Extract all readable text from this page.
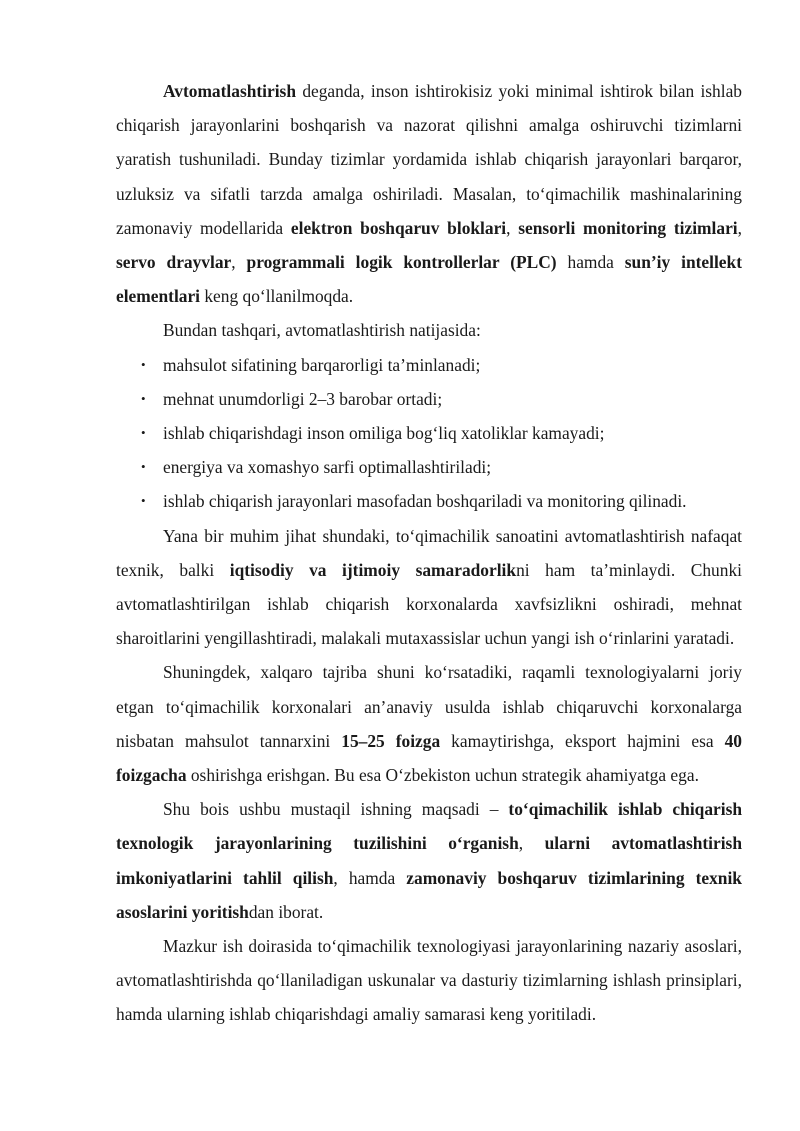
Avtomatlashtirish deganda, inson ishtirokisiz yoki minimal ishtirok bilan ishlab chiqarish jarayonlarini boshqarish va nazorat qilishni amalga oshiruvchi tizimlarni yaratish tushuniladi. Bunday tizimlar yordamida ishlab chiqarish jarayonlari barqaror, uzluksiz va sifatli tarzda amalga oshiriladi. Masalan, to‘qimachilik mashinalarining zamonaviy modellarida elektron boshqaruv bloklari, sensorli monitoring tizimlari, servo drayvlar, programmali logik kontrollerlar (PLC) hamda sun’iy intellekt elementlari keng qo‘llanilmoqda.

Bundan tashqari, avtomatlashtirish natijasida:

• mahsulot sifatining barqarorligi ta’minlanadi;
• mehnat unumdorligi 2–3 barobar ortadi;
• ishlab chiqarishdagi inson omiliga bog‘liq xatoliklar kamayadi;
• energiya va xomashyo sarfi optimallashtiriladi;
• ishlab chiqarish jarayonlari masofadan boshqariladi va monitoring qilinadi.

Yana bir muhim jihat shundaki, to‘qimachilik sanoatini avtomatlashtirish nafaqat texnik, balki iqtisodiy va ijtimoiy samaradorlikni ham ta’minlaydi. Chunki avtomatlashtirilgan ishlab chiqarish korxonalarda xavfsizlikni oshiradi, mehnat sharoitlarini yengillashtiradi, malakali mutaxassislar uchun yangi ish o‘rinlarini yaratadi.

Shuningdek, xalqaro tajriba shuni ko‘rsatadiki, raqamli texnologiyalarni joriy etgan to‘qimachilik korxonalari an’anaviy usulda ishlab chiqaruvchi korxonalarga nisbatan mahsulot tannarxini 15–25 foizga kamaytirishga, eksport hajmini esa 40 foizgacha oshirishga erishgan. Bu esa O‘zbekiston uchun strategik ahamiyatga ega.

Shu bois ushbu mustaqil ishning maqsadi – to‘qimachilik ishlab chiqarish texnologik jarayonlarining tuzilishini o‘rganish, ularni avtomatlashtirish imkoniyatlarini tahlil qilish, hamda zamonaviy boshqaruv tizimlarining texnik asoslarini yoritishdan iborat.

Mazkur ish doirasida to‘qimachilik texnologiyasi jarayonlarining nazariy asoslari, avtomatlashtirishda qo‘llaniladigan uskunalar va dasturiy tizimlarning ishlash prinsiplari, hamda ularning ishlab chiqarishdagi amaliy samarasi keng yoritiladi.
